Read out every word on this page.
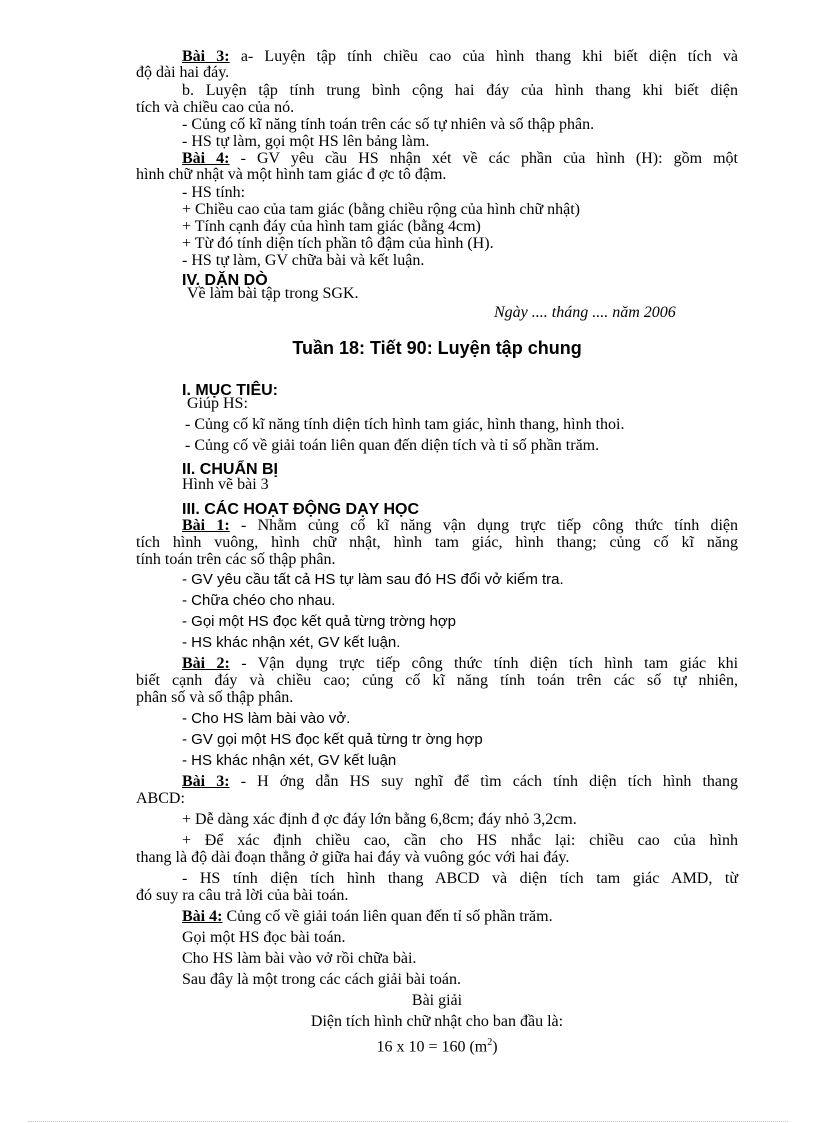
Bài 3: a- Luyện tập tính chiều cao của hình thang khi biết diện tích và
độ dài hai đáy.
b. Luyện tập tính trung bình cộng hai đáy của hình thang khi biết diện
tích và chiều cao của nó.
- Củng cố kĩ năng tính toán trên các số tự nhiên và số thập phân.
- HS tự làm, gọi một HS lên bảng làm.
Bài 4: - GV yêu cầu HS nhận xét về các phần của hình (H): gồm một
hình chữ nhật và một hình tam giác đ ợc tô đậm.
- HS tính:
+ Chiều cao của tam giác (bằng chiều rộng của hình chữ nhật)
+ Tính cạnh đáy của hình tam giác (bằng 4cm)
+ Từ đó tính diện tích phần tô đậm của hình (H).
- HS tự làm, GV chữa bài và kết luận.
IV. DẶN DÒ
Về làm bài tập trong SGK.
Ngày .... tháng .... năm 2006
Tuần 18: Tiết 90: Luyện tập chung
I. MỤC TIÊU:
Giúp HS:
- Củng cố kĩ năng tính diện tích hình tam giác, hình thang, hình thoi.
- Củng cố về giải toán liên quan đến diện tích và tỉ số phần trăm.
II. CHUẨN BỊ
Hình vẽ bài 3
III. CÁC HOẠT ĐỘNG DẠY HỌC
Bài 1: - Nhằm củng cố kĩ năng vận dụng trực tiếp công thức tính diện
tích hình vuông, hình chữ nhật, hình tam giác, hình thang; củng cố kĩ năng
tính toán trên các số thập phân.
- GV yêu cầu tất cả HS tự làm sau đó HS đổi vở kiểm tra.
- Chữa chéo cho nhau.
- Gọi một HS đọc kết quả từng trờng hợp
- HS khác nhận xét, GV kết luận.
Bài 2: - Vận dụng trực tiếp công thức tính diện tích hình tam giác khi
biết cạnh đáy và chiều cao; củng cố kĩ năng tính toán trên các số tự nhiên,
phân số và số thập phân.
- Cho HS làm bài vào vở.
- GV gọi một HS đọc kết quả từng tr ờng hợp
- HS khác nhận xét, GV kết luận
Bài 3: - H ớng dẫn HS suy nghĩ để tìm cách tính diện tích hình thang
ABCD:
+ Dễ dàng xác định đ ợc đáy lớn bằng 6,8cm; đáy nhỏ 3,2cm.
+ Để xác định chiều cao, cần cho HS nhắc lại: chiều cao của hình
thang là độ dài đoạn thẳng ở giữa hai đáy và vuông góc với hai đáy.
- HS tính diện tích hình thang ABCD và diện tích tam giác AMD, từ
đó suy ra câu trả lời của bài toán.
Bài 4: Củng cố về giải toán liên quan đến tỉ số phần trăm.
Gọi một HS đọc bài toán.
Cho HS làm bài vào vở rồi chữa bài.
Sau đây là một trong các cách giải bài toán.
Bài giải
Diện tích hình chữ nhật cho ban đầu là:
16 x 10 = 160 $(m^2)$
